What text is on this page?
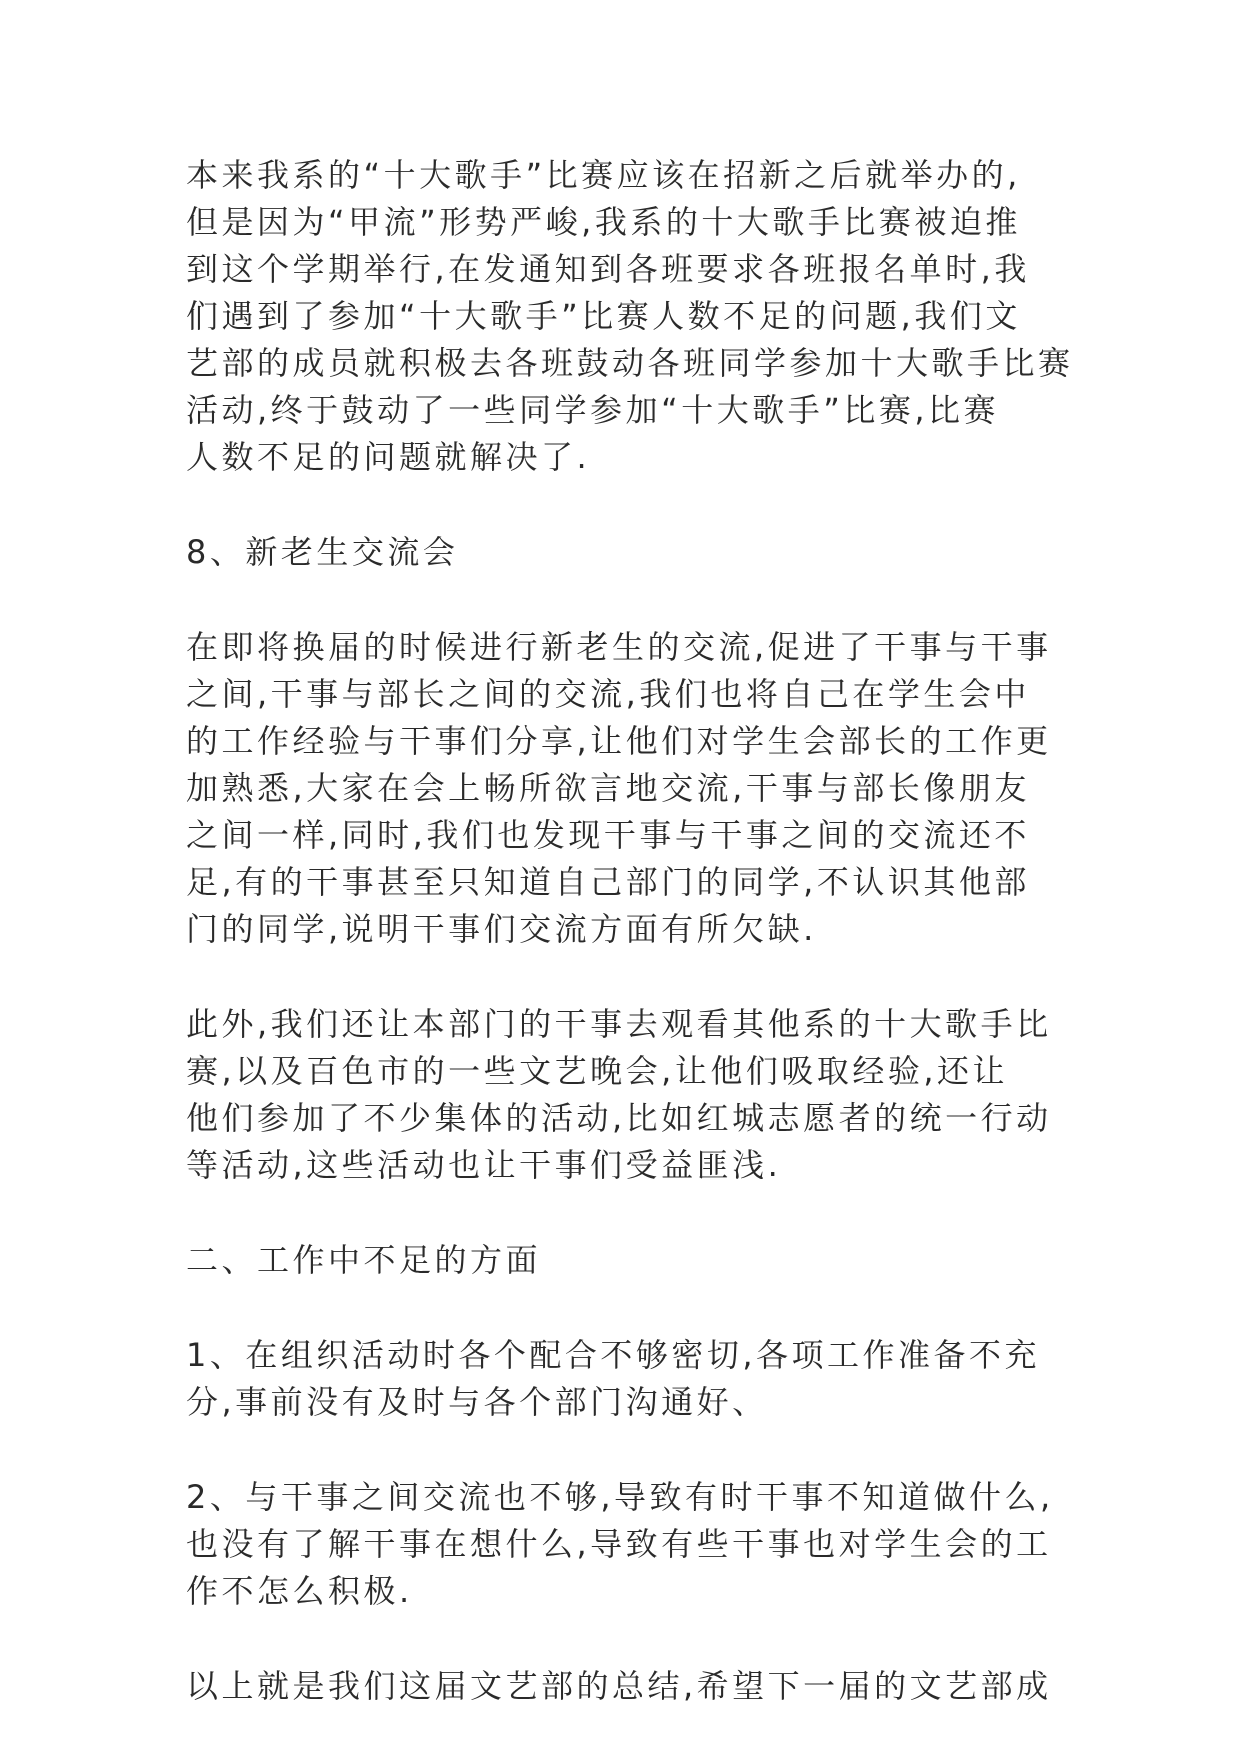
本来我系的“十大歌手”比赛应该在招新之后就举办的,
但是因为“甲流”形势严峻,我系的十大歌手比赛被迫推
到这个学期举行,在发通知到各班要求各班报名单时,我
们遇到了参加“十大歌手”比赛人数不足的问题,我们文
艺部的成员就积极去各班鼓动各班同学参加十大歌手比赛
活动,终于鼓动了一些同学参加“十大歌手”比赛,比赛
人数不足的问题就解决了.
8、新老生交流会
在即将换届的时候进行新老生的交流,促进了干事与干事
之间,干事与部长之间的交流,我们也将自己在学生会中
的工作经验与干事们分享,让他们对学生会部长的工作更
加熟悉,大家在会上畅所欲言地交流,干事与部长像朋友
之间一样,同时,我们也发现干事与干事之间的交流还不
足,有的干事甚至只知道自己部门的同学,不认识其他部
门的同学,说明干事们交流方面有所欠缺.
此外,我们还让本部门的干事去观看其他系的十大歌手比
赛,以及百色市的一些文艺晚会,让他们吸取经验,还让
他们参加了不少集体的活动,比如红城志愿者的统一行动
等活动,这些活动也让干事们受益匪浅.
二、工作中不足的方面
1、在组织活动时各个配合不够密切,各项工作准备不充
分,事前没有及时与各个部门沟通好、
2、与干事之间交流也不够,导致有时干事不知道做什么,
也没有了解干事在想什么,导致有些干事也对学生会的工
作不怎么积极.
以上就是我们这届文艺部的总结,希望下一届的文艺部成
